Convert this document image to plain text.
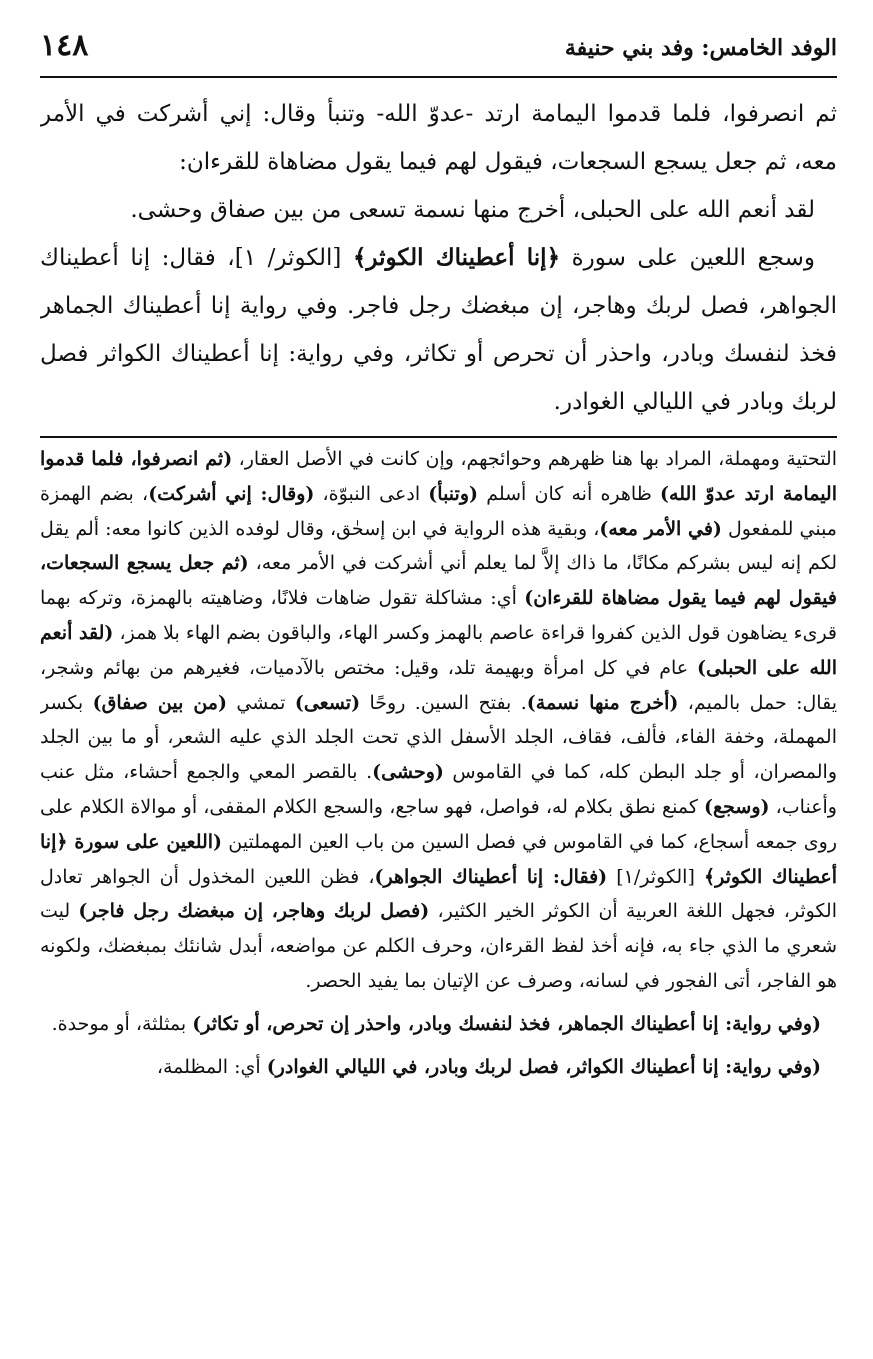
الوفد الخامس: وفد بني حنيفة
١٤٨

ثم انصرفوا، فلما قدموا اليمامة ارتد -عدوّ الله- وتنبأ وقال: إني أشركت في الأمر معه، ثم جعل يسجع السجعات، فيقول لهم فيما يقول مضاهاة للقرءان:

لقد أنعم الله على الحبلى، أخرج منها نسمة تسعى من بين صفاق وحشى.

وسجع اللعين على سورة ﴿إنا أعطيناك الكوثر﴾ [الكوثر/ ١]، فقال: إنا أعطيناك الجواهر، فصل لربك وهاجر، إن مبغضك رجل فاجر. وفي رواية إنا أعطيناك الجماهر فخذ لنفسك وبادر، واحذر أن تحرص أو تكاثر، وفي رواية: إنا أعطيناك الكواثر فصل لربك وبادر في الليالي الغوادر.

التحتية ومهملة، المراد بها هنا ظهرهم وحوائجهم، وإن كانت في الأصل العقار، (ثم انصرفوا، فلما قدموا اليمامة ارتد عدوّ الله) ظاهره أنه كان أسلم (وتنبأ) ادعى النبوّة، (وقال: إني أشركت)، بضم الهمزة مبني للمفعول (في الأمر معه)، وبقية هذه الرواية في ابن إسحٰق، وقال لوفده الذين كانوا معه: ألم يقل لكم إنه ليس بشركم مكانًا، ما ذاك إلاَّ لما يعلم أني أشركت في الأمر معه، (ثم جعل يسجع السجعات، فيقول لهم فيما يقول مضاهاة للقرءان) أي: مشاكلة تقول ضاهات فلانًا، وضاهيته بالهمزة، وتركه بهما قرىء يضاهون قول الذين كفروا قراءة عاصم بالهمز وكسر الهاء، والباقون بضم الهاء بلا همز، (لقد أنعم الله على الحبلى) عام في كل امرأة وبهيمة تلد، وقيل: مختص بالآدميات، فغيرهم من بهائم وشجر، يقال: حمل بالميم، (أخرج منها نسمة). بفتح السين. روحًا (تسعى) تمشي (من بين صفاق) بكسر المهملة، وخفة الفاء، فألف، فقاف، الجلد الأسفل الذي تحت الجلد الذي عليه الشعر، أو ما بين الجلد والمصران، أو جلد البطن كله، كما في القاموس (وحشى). بالقصر المعي والجمع أحشاء، مثل عنب وأعناب، (وسجع) كمنع نطق بكلام له، فواصل، فهو ساجع، والسجع الكلام المقفى، أو موالاة الكلام على روى جمعه أسجاع، كما في القاموس في فصل السين من باب العين المهملتين (اللعين على سورة ﴿إنا أعطيناك الكوثر﴾ [الكوثر/١] (فقال: إنا أعطيناك الجواهر)، فظن اللعين المخذول أن الجواهر تعادل الكوثر، فجهل اللغة العربية أن الكوثر الخير الكثير، (فصل لربك وهاجر، إن مبغضك رجل فاجر) ليت شعري ما الذي جاء به، فإنه أخذ لفظ القرءان، وحرف الكلم عن مواضعه، أبدل شانئك بمبغضك، ولكونه هو الفاجر، أتى الفجور في لسانه، وصرف عن الإتيان بما يفيد الحصر.

(وفي رواية: إنا أعطيناك الجماهر، فخذ لنفسك وبادر، واحذر إن تحرص، أو تكاثر) بمثلثة، أو موحدة.

(وفي رواية: إنا أعطيناك الكواثر، فصل لربك وبادر، في الليالي الغوادر) أي: المظلمة،
